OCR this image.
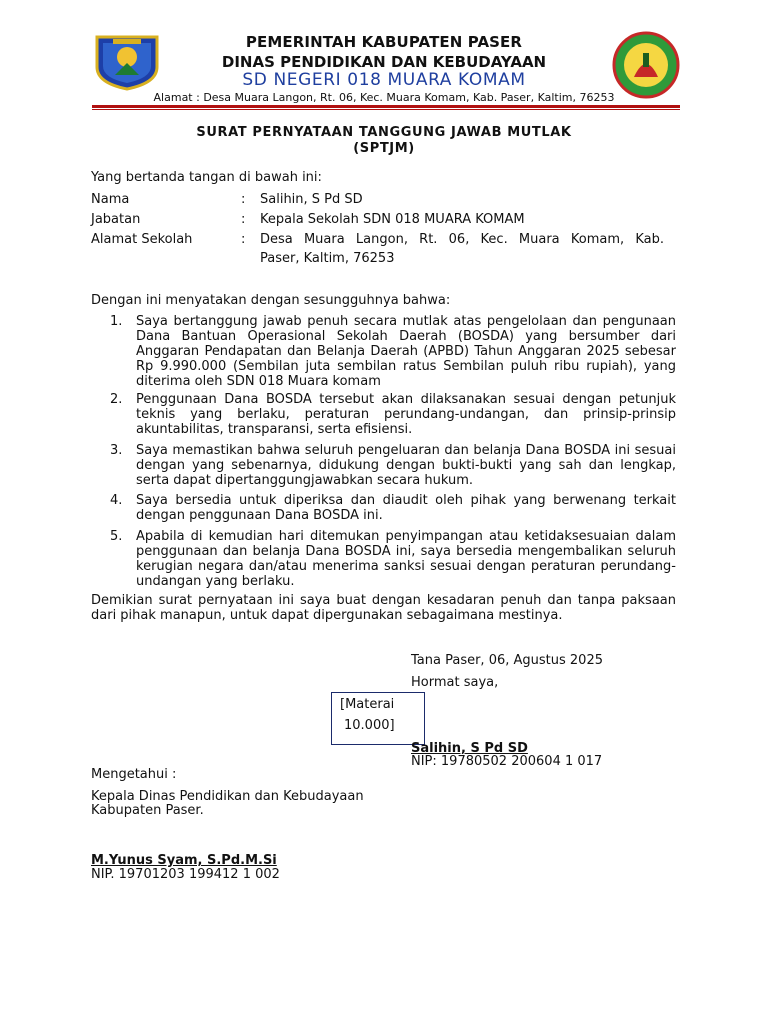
PEMERINTAH KABUPATEN PASER
DINAS PENDIDIKAN DAN KEBUDAYAAN
SD NEGERI 018 MUARA KOMAM
Alamat : Desa Muara Langon, Rt. 06, Kec. Muara Komam, Kab. Paser, Kaltim, 76253
SURAT PERNYATAAN TANGGUNG JAWAB MUTLAK
(SPTJM)
Yang bertanda tangan di bawah ini:
Nama	: Salihin, S Pd SD
Jabatan	: Kepala Sekolah SDN 018 MUARA KOMAM
Alamat Sekolah	: Desa Muara Langon, Rt. 06, Kec. Muara Komam, Kab.
Paser, Kaltim, 76253
Dengan ini menyatakan dengan sesungguhnya bahwa:
1. Saya bertanggung jawab penuh secara mutlak atas pengelolaan dan pengunaan Dana Bantuan Operasional Sekolah Daerah (BOSDA) yang bersumber dari Anggaran Pendapatan dan Belanja Daerah (APBD) Tahun Anggaran 2025 sebesar Rp 9.990.000 (Sembilan juta sembilan ratus Sembilan puluh ribu rupiah), yang diterima oleh SDN 018 Muara komam
2. Penggunaan Dana BOSDA tersebut akan dilaksanakan sesuai dengan petunjuk teknis yang berlaku, peraturan perundang-undangan, dan prinsip-prinsip akuntabilitas, transparansi, serta efisiensi.
3. Saya memastikan bahwa seluruh pengeluaran dan belanja Dana BOSDA ini sesuai dengan yang sebenarnya, didukung dengan bukti-bukti yang sah dan lengkap, serta dapat dipertanggungjawabkan secara hukum.
4. Saya bersedia untuk diperiksa dan diaudit oleh pihak yang berwenang terkait dengan penggunaan Dana BOSDA ini.
5. Apabila di kemudian hari ditemukan penyimpangan atau ketidaksesuaian dalam penggunaan dan belanja Dana BOSDA ini, saya bersedia mengembalikan seluruh kerugian negara dan/atau menerima sanksi sesuai dengan peraturan perundang-undangan yang berlaku.
Demikian surat pernyataan ini saya buat dengan kesadaran penuh dan tanpa paksaan dari pihak manapun, untuk dapat dipergunakan sebagaimana mestinya.
Tana Paser, 06, Agustus 2025
Hormat saya,
[Materai
10.000]
Salihin, S Pd SD
NIP: 19780502 200604 1 017
Mengetahui :
Kepala Dinas Pendidikan dan Kebudayaan
Kabupaten Paser.
M.Yunus Syam, S.Pd.M.Si
NIP. 19701203 199412 1 002
